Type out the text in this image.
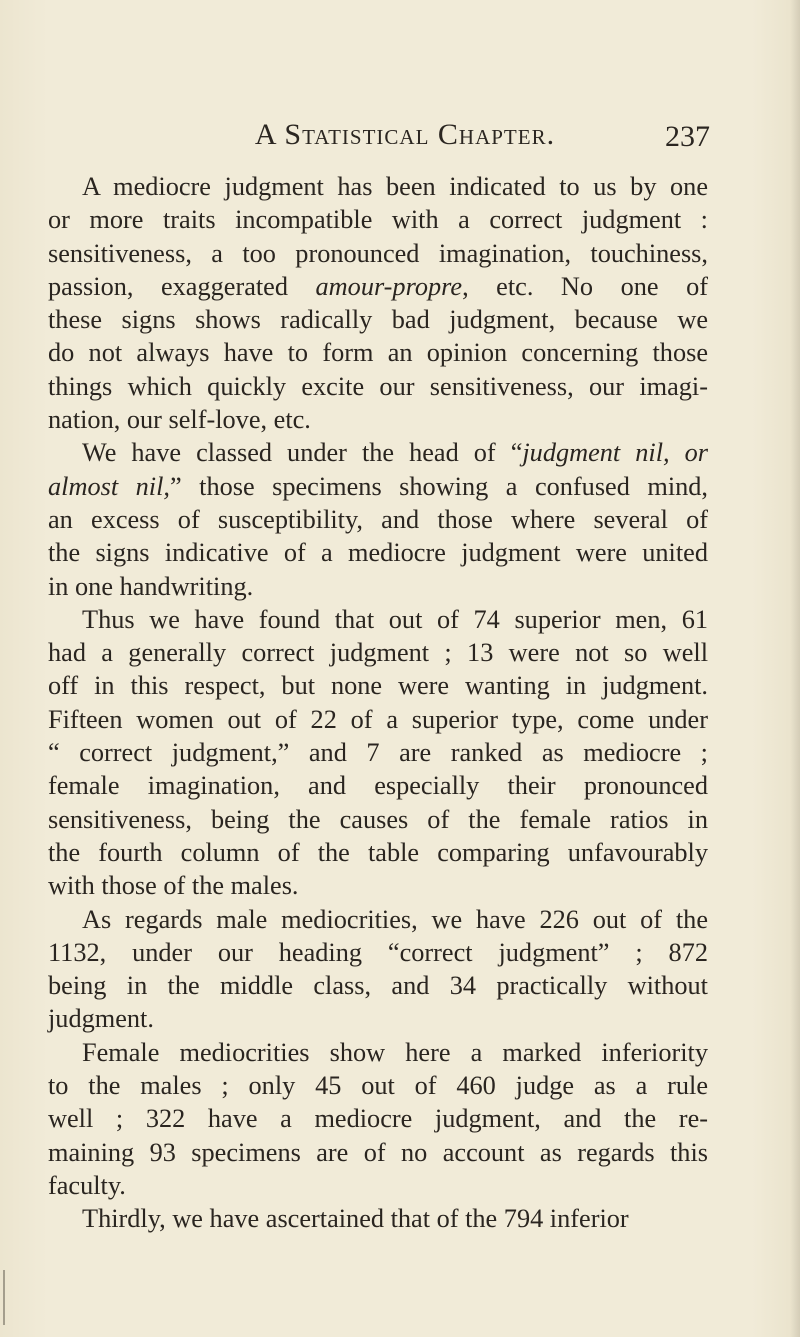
A Statistical Chapter.	237
A mediocre judgment has been indicated to us by one
or more traits incompatible with a correct judgment :
sensitiveness, a too pronounced imagination, touchiness,
passion, exaggerated amour-propre, etc. No one of
these signs shows radically bad judgment, because we
do not always have to form an opinion concerning those
things which quickly excite our sensitiveness, our imagi-
nation, our self-love, etc.
We have classed under the head of “judgment nil, or
almost nil,” those specimens showing a confused mind,
an excess of susceptibility, and those where several of
the signs indicative of a mediocre judgment were united
in one handwriting.
Thus we have found that out of 74 superior men, 61
had a generally correct judgment ; 13 were not so well
off in this respect, but none were wanting in judgment.
Fifteen women out of 22 of a superior type, come under
“ correct judgment,” and 7 are ranked as mediocre ;
female imagination, and especially their pronounced
sensitiveness, being the causes of the female ratios in
the fourth column of the table comparing unfavourably
with those of the males.
As regards male mediocrities, we have 226 out of the
1132, under our heading “correct judgment” ; 872
being in the middle class, and 34 practically without
judgment.
Female mediocrities show here a marked inferiority
to the males ; only 45 out of 460 judge as a rule
well ; 322 have a mediocre judgment, and the re-
maining 93 specimens are of no account as regards this
faculty.
Thirdly, we have ascertained that of the 794 inferior
